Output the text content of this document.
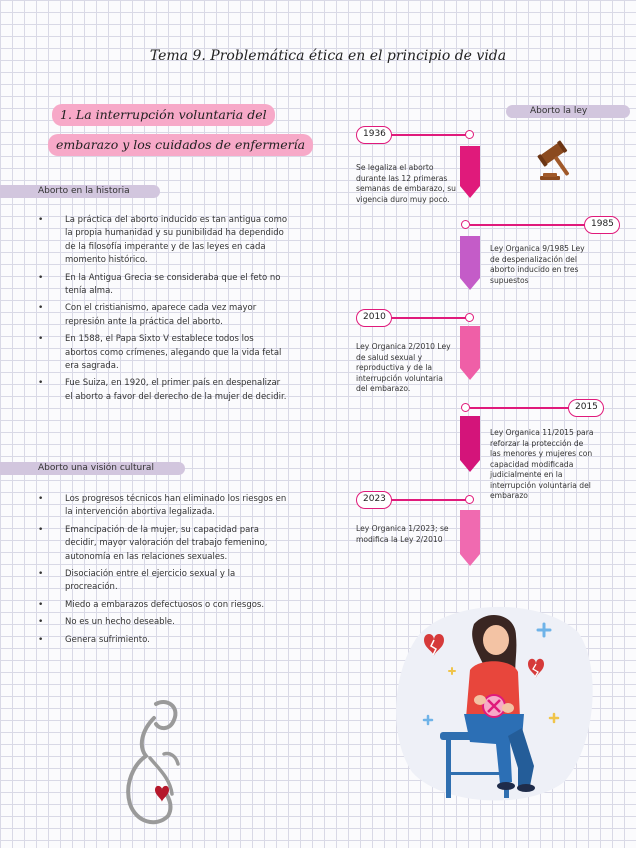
Tema 9. Problemática ética en el principio de vida
1. La interrupción voluntaria del
embarazo y los cuidados de enfermería
Aborto en la historia
• La práctica del aborto inducido es tan antigua como la propia humanidad y su punibilidad ha dependido de la filosofía imperante y de las leyes en cada momento histórico.
• En la Antigua Grecia se consideraba que el feto no tenía alma.
• Con el cristianismo, aparece cada vez mayor represión ante la práctica del aborto.
• En 1588, el Papa Sixto V establece todos los abortos como crímenes, alegando que la vida fetal era sagrada.
• Fue Suiza, en 1920, el primer país en despenalizar el aborto a favor del derecho de la mujer de decidir.
Aborto una visión cultural
• Los progresos técnicos han eliminado los riesgos en la intervención abortiva legalizada.
• Emancipación de la mujer, su capacidad para decidir, mayor valoración del trabajo femenino, autonomía en las relaciones sexuales.
• Disociación entre el ejercicio sexual y la procreación.
• Miedo a embarazos defectuosos o con riesgos.
• No es un hecho deseable.
• Genera sufrimiento.
Aborto la ley
1936
Se legaliza el aborto durante las 12 primeras semanas de embarazo, su vigencia duro muy poco.
1985
Ley Organica 9/1985 Ley de despenalización del aborto inducido en tres supuestos
2010
Ley Organica 2/2010 Ley de salud sexual y reproductiva y de la interrupción voluntaria del embarazo.
2015
Ley Organica 11/2015 para reforzar la protección de las menores y mujeres con capacidad modificada judicialmente en la interrupción voluntaria del embarazo
2023
Ley Organica 1/2023; se modifica la Ley 2/2010
